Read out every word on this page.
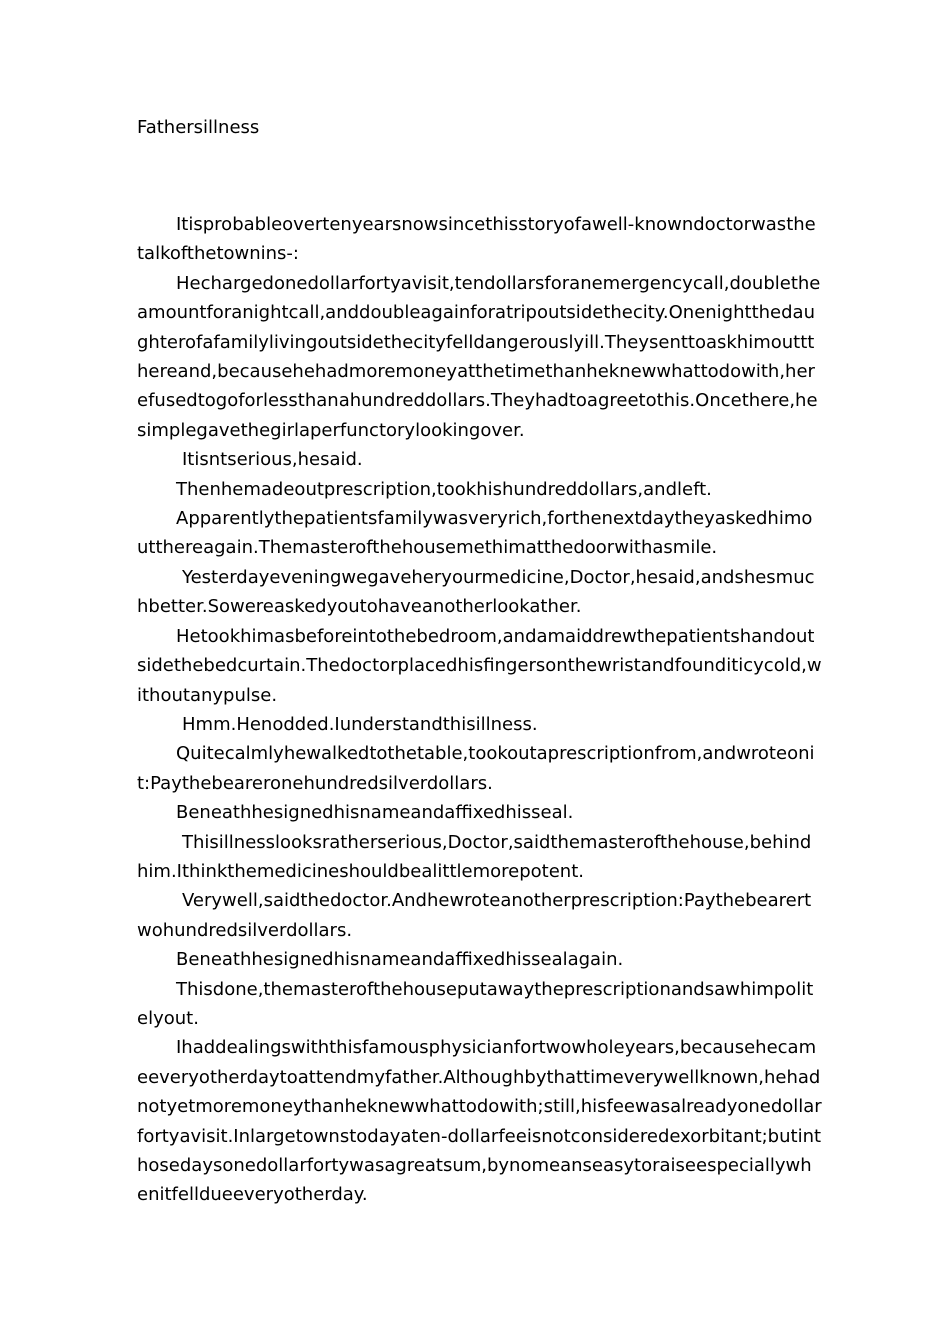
Fathersillness

Itisprobableovertenyearsnowsincethisstoryofawell-knowndoctorwasthetalkofthetownins-:

Hechargedonedollarfortyavisit,tendollarsforanemergencycall,doubletheamountforanightcall,anddoubleagainforatripoutsidethecity.Onenightthedaughterofafamilylivingoutsidethecityfelldangerouslyill.Theysenttoaskhimouttthereand,becausehehadmoremoneyatthetimethanheknewwhattodowith,herefusedtogoforlessthanahundreddollars.Theyhadtoagreetothis.Oncethere,hesimplegavethegirlaperfunctorylookingover.

Itisntserious,hesaid.

Thenhemadeoutprescription,tookhishundreddollars,andleft.

Apparentlythepatientsfamilywasveryrich,forthenextdaytheyaskedhimoutthereagain.Themasterofthehousemethimatthedoorwithasmile.

Yesterdayeveningwegaveheryourmedicine,Doctor,hesaid,andshesmuchbetter.Sowereaskedyoutohaveanotherlookather.

Hetookhimasbeforeintothebedroom,andamaiddrewthepatientshandoutsidethebedcurtain.Thedoctorplacedhisfingersonthewristandfounditicycold,withoutanypulse.

Hmm.Henodded.Iunderstandthisillness.

Quitecalmlyhewalkedtothetable,tookoutaprescriptionfrom,andwroteonit:Paythebeareronehundredsilverdollars.

Beneathhesignedhisnameandaffixedhisseal.

Thisillnesslooksratherserious,Doctor,saidthemasterofthehouse,behindhim.Ithinkthemedicineshouldbealittlemorepotent.

Verywell,saidthedoctor.Andhewroteanotherprescription:Paythebearertwohundredsilverdollars.

Beneathhesignedhisnameandaffixedhissealagain.

Thisdone,themasterofthehouseputawaytheprescriptionandsawhimpolitelyout.

Ihaddealingswiththisfamousphysicianfortwowholeyears,becausehecameeveryotherdaytoattendmyfather.Althoughbythattimeverywellknown,hehadnotyetmoremoneythanheknewwhattodowith;still,hisfeewasalreadyonedollarfortyavisit.Inlargetownstodayaten-dollarfeeisnotconsideredexorbitant;butinthosedaysonedollarfortywasagreatsum,bynomeanseasytoraiseespeciallywhenitfelldueeveryotherday.
